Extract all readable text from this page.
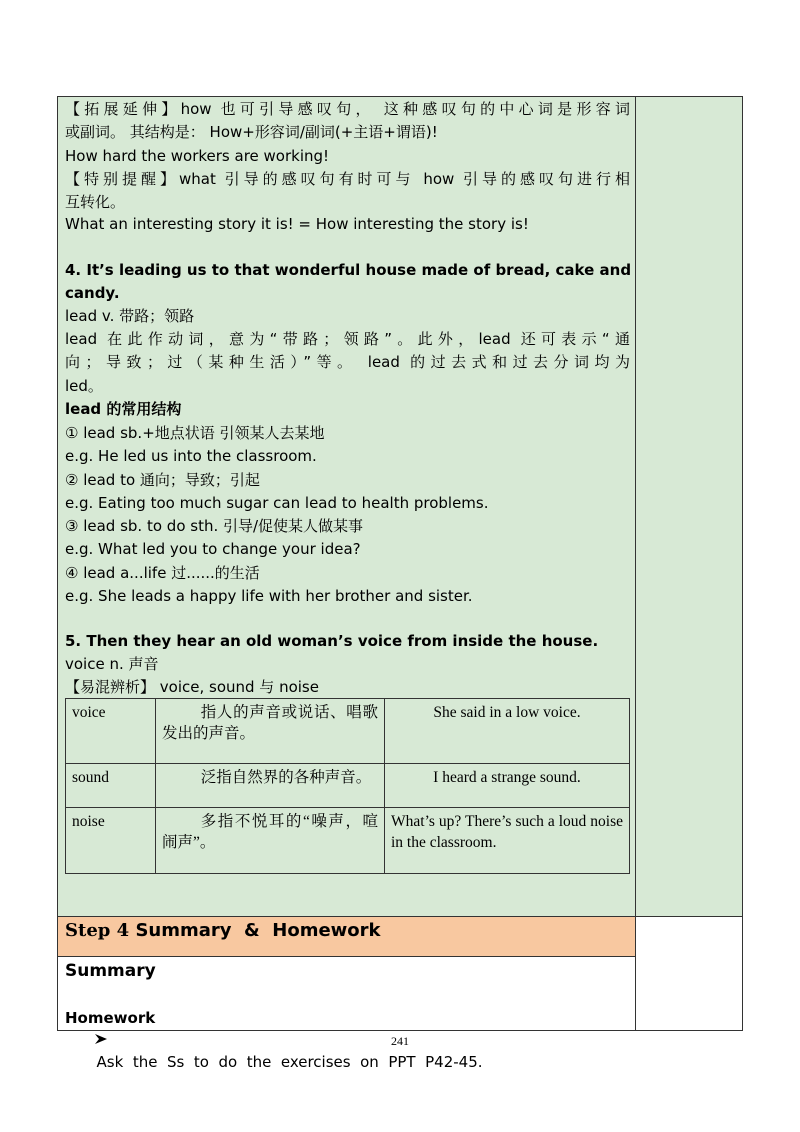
【拓展延伸】how 也可引导感叹句， 这种感叹句的中心词是形容词
或副词。 其结构是： How+形容词/副词(+主语+谓语)!
How hard the workers are working!
【特别提醒】what 引导的感叹句有时可与 how 引导的感叹句进行相
互转化。
What an interesting story it is! = How interesting the story is!
4. It’s leading us to that wonderful house made of bread, cake and
candy.
lead v. 带路；领路
lead 在此作动词，意为“带路；领路”。此外，lead 还可表示“通
向；导致；过（某种生活）”等。 lead 的过去式和过去分词均为
led。
lead 的常用结构
① lead sb.+地点状语 引领某人去某地
e.g. He led us into the classroom.
② lead to 通向；导致；引起
e.g. Eating too much sugar can lead to health problems.
③ lead sb. to do sth. 引导/促使某人做某事
e.g. What led you to change your idea?
④ lead a...life 过......的生活
e.g. She leads a happy life with her brother and sister.
5. Then they hear an old woman’s voice from inside the house.
voice n. 声音
【易混辨析】 voice, sound 与 noise
voice	指人的声音或说话、唱歌发出的声音。	She said in a low voice.
sound	泛指自然界的各种声音。	I heard a strange sound.
noise	多指不悦耳的“噪声，喧闹声”。	What’s up? There’s such a loud noise in the classroom.
Step 4 Summary  &  Homework
Summary

Ask  the  Ss  to  do  the  exercises  on  PPT  P42-45.

Homework
241
